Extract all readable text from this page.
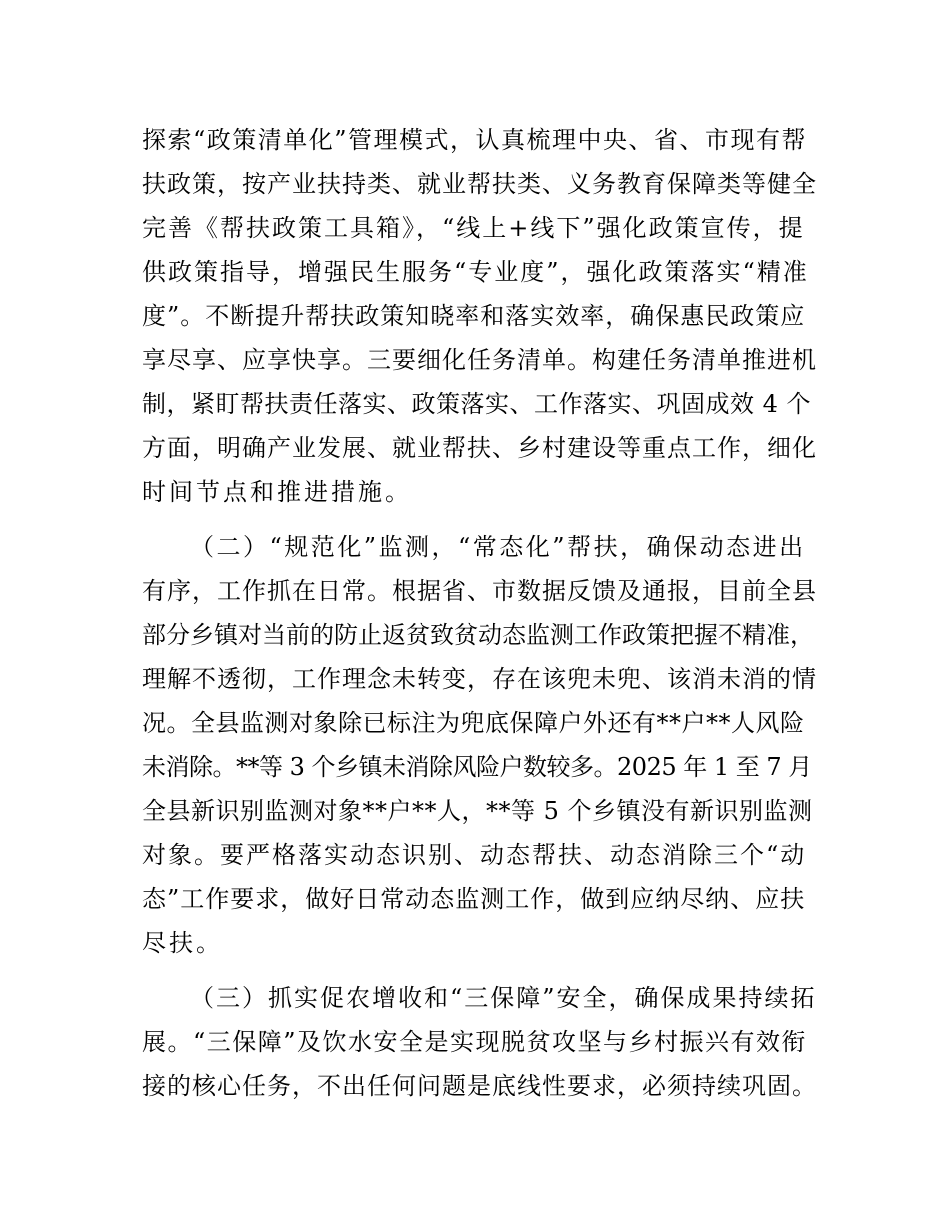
探索“政策清单化”管理模式，认真梳理中央、省、市现有帮
扶政策，按产业扶持类、就业帮扶类、义务教育保障类等健全
完善《帮扶政策工具箱》，“线上+线下”强化政策宣传，提
供政策指导，增强民生服务“专业度”，强化政策落实“精准
度”。不断提升帮扶政策知晓率和落实效率，确保惠民政策应
享尽享、应享快享。三要细化任务清单。构建任务清单推进机
制，紧盯帮扶责任落实、政策落实、工作落实、巩固成效 4 个
方面，明确产业发展、就业帮扶、乡村建设等重点工作，细化
时间节点和推进措施。
（二）“规范化”监测，“常态化”帮扶，确保动态进出
有序，工作抓在日常。根据省、市数据反馈及通报，目前全县
部分乡镇对当前的防止返贫致贫动态监测工作政策把握不精准，
理解不透彻，工作理念未转变，存在该兜未兜、该消未消的情
况。全县监测对象除已标注为兜底保障户外还有**户**人风险
未消除。**等 3 个乡镇未消除风险户数较多。2025 年 1 至 7 月
全县新识别监测对象**户**人，**等 5 个乡镇没有新识别监测
对象。要严格落实动态识别、动态帮扶、动态消除三个“动
态”工作要求，做好日常动态监测工作，做到应纳尽纳、应扶
尽扶。
（三）抓实促农增收和“三保障”安全，确保成果持续拓
展。“三保障”及饮水安全是实现脱贫攻坚与乡村振兴有效衔
接的核心任务，不出任何问题是底线性要求，必须持续巩固。
